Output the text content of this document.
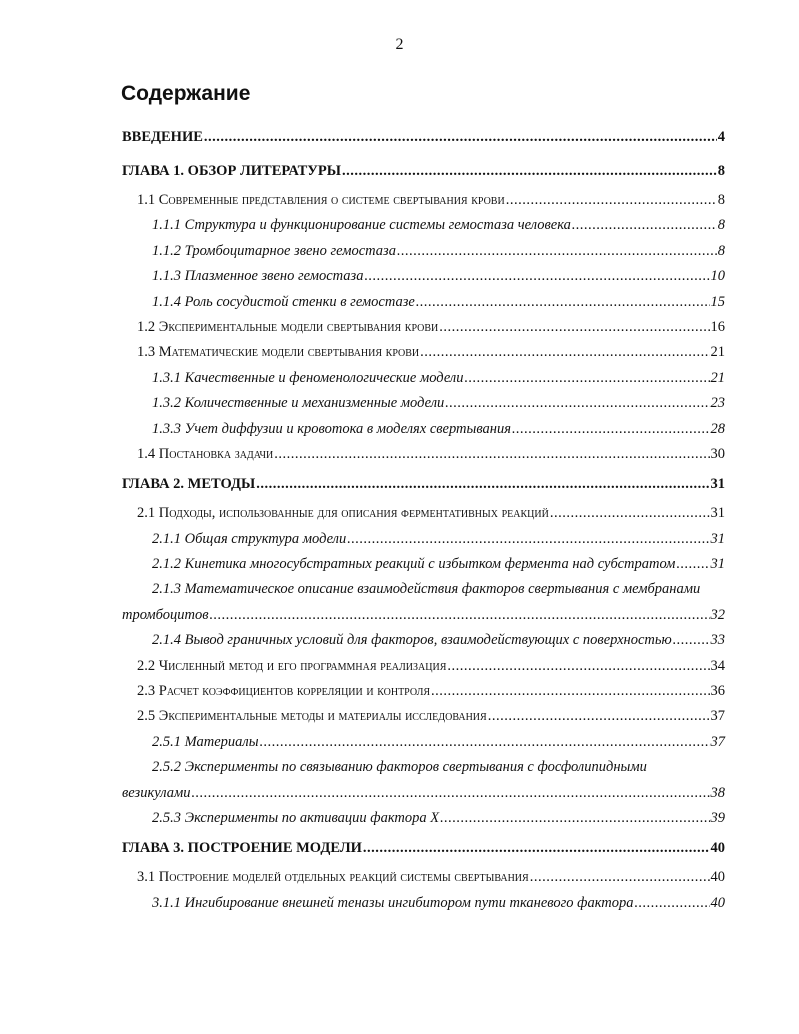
2
Содержание
ВВЕДЕНИЕ .....	4
ГЛАВА 1. ОБЗОР ЛИТЕРАТУРЫ .....	8
1.1 Современные представления о системе свертывания крови .....	8
1.1.1 Структура и функционирование системы гемостаза человека .....	8
1.1.2 Тромбоцитарное звено гемостаза .....	8
1.1.3 Плазменное звено гемостаза .....	10
1.1.4 Роль сосудистой стенки в гемостазе .....	15
1.2 Экспериментальные модели свертывания крови .....	16
1.3 Математические модели свертывания крови .....	21
1.3.1 Качественные и феноменологические модели .....	21
1.3.2 Количественные и механизменные модели .....	23
1.3.3 Учет диффузии и кровотока в моделях свертывания .....	28
1.4 Постановка задачи .....	30
ГЛАВА 2. МЕТОДЫ .....	31
2.1 Подходы, использованные для описания ферментативных реакций .....	31
2.1.1 Общая структура модели .....	31
2.1.2 Кинетика многосубстратных реакций с избытком фермента над субстратом ..... 31
2.1.3 Математическое описание взаимодействия факторов свертывания с мембранами
тромбоцитов .....	32
2.1.4 Вывод граничных условий для факторов, взаимодействующих с поверхностью .....	33
2.2 Численный метод и его программная реализация .....	34
2.3 Расчет коэффициентов корреляции и контроля .....	36
2.5 Экспериментальные методы и материалы исследования .....	37
2.5.1 Материалы .....	37
2.5.2 Эксперименты по связыванию факторов свертывания с фосфолипидными
везикулами .....	38
2.5.3 Эксперименты по активации фактора X .....	39
ГЛАВА 3. ПОСТРОЕНИЕ МОДЕЛИ .....	40
3.1 Построение моделей отдельных реакций системы свертывания .....	40
3.1.1 Ингибирование внешней теназы ингибитором пути тканевого фактора .....	40
